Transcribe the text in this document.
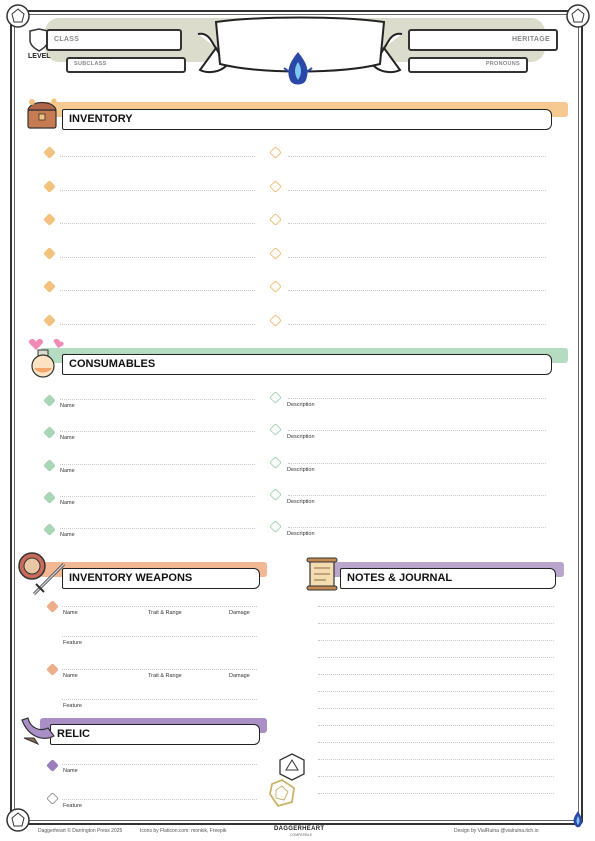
LEVEL
CLASS
SUBCLASS
HERITAGE
PRONOUNS
INVENTORY
CONSUMABLES
Name	Description
Name	Description
Name	Description
Name	Description
Name	Description
INVENTORY WEAPONS
Name	Trait & Range	Damage
Feature
Name	Trait & Range	Damage
Feature
RELIC
Name
Feature
NOTES & JOURNAL
Daggerheart © Darrington Press 2025	Icons by Flaticon.com: monkik, Freepik	DAGGERHEART
COMPATIBLE
Design by VialRuina @vialruina.itch.io
